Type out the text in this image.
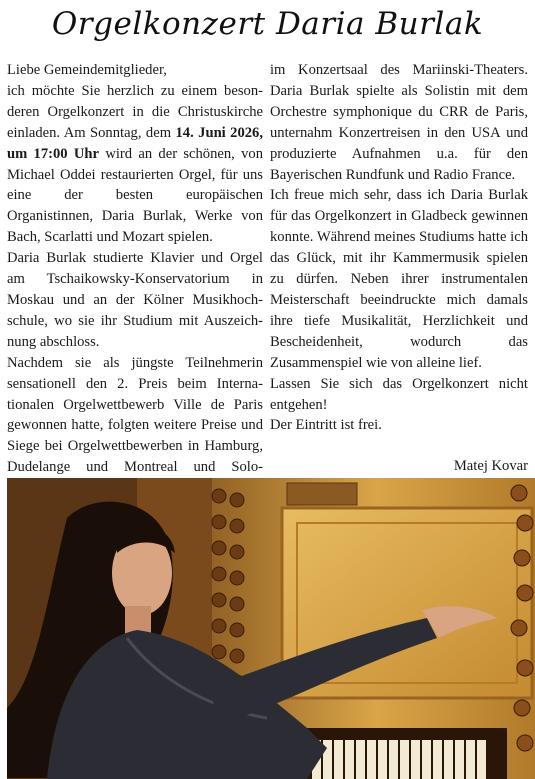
Orgelkonzert Daria Burlak

Liebe Gemeindemitglieder,

ich möchte Sie herzlich zu einem besonderen Orgelkonzert in die Christuskirche einladen. Am Sonntag, dem 14. Juni 2026, um 17:00 Uhr wird an der schönen, von Michael Oddei restaurierten Orgel, für uns eine der besten europäischen Organistinnen, Daria Burlak, Werke von Bach, Scarlatti und Mozart spielen.

Daria Burlak studierte Klavier und Orgel am Tschaikowsky-Konservatorium in Moskau und an der Kölner Musikhochschule, wo sie ihr Studium mit Auszeichnung abschloss.

Nachdem sie als jüngste Teilnehmerin sensationell den 2. Preis beim Internationalen Orgelwettbewerb Ville de Paris gewonnen hatte, folgten weitere Preise und Siege bei Orgelwettbewerben in Hamburg, Dudelange und Montreal und Solo-

im Konzertsaal des Mariinski-Theaters. Daria Burlak spielte als Solistin mit dem Orchestre symphonique du CRR de Paris, unternahm Konzertreisen in den USA und produzierte Aufnahmen u.a. für den Bayerischen Rundfunk und Radio France.

Ich freue mich sehr, dass ich Daria Burlak für das Orgelkonzert in Gladbeck gewinnen konnte. Während meines Studiums hatte ich das Glück, mit ihr Kammermusik spielen zu dürfen. Neben ihrer instrumentalen Meisterschaft beeindruckte mich damals ihre tiefe Musikalität, Herzlichkeit und Bescheidenheit, wodurch das Zusammenspiel wie von alleine lief.

Lassen Sie sich das Orgelkonzert nicht entgehen!

Der Eintritt ist frei.

Matej Kovar
